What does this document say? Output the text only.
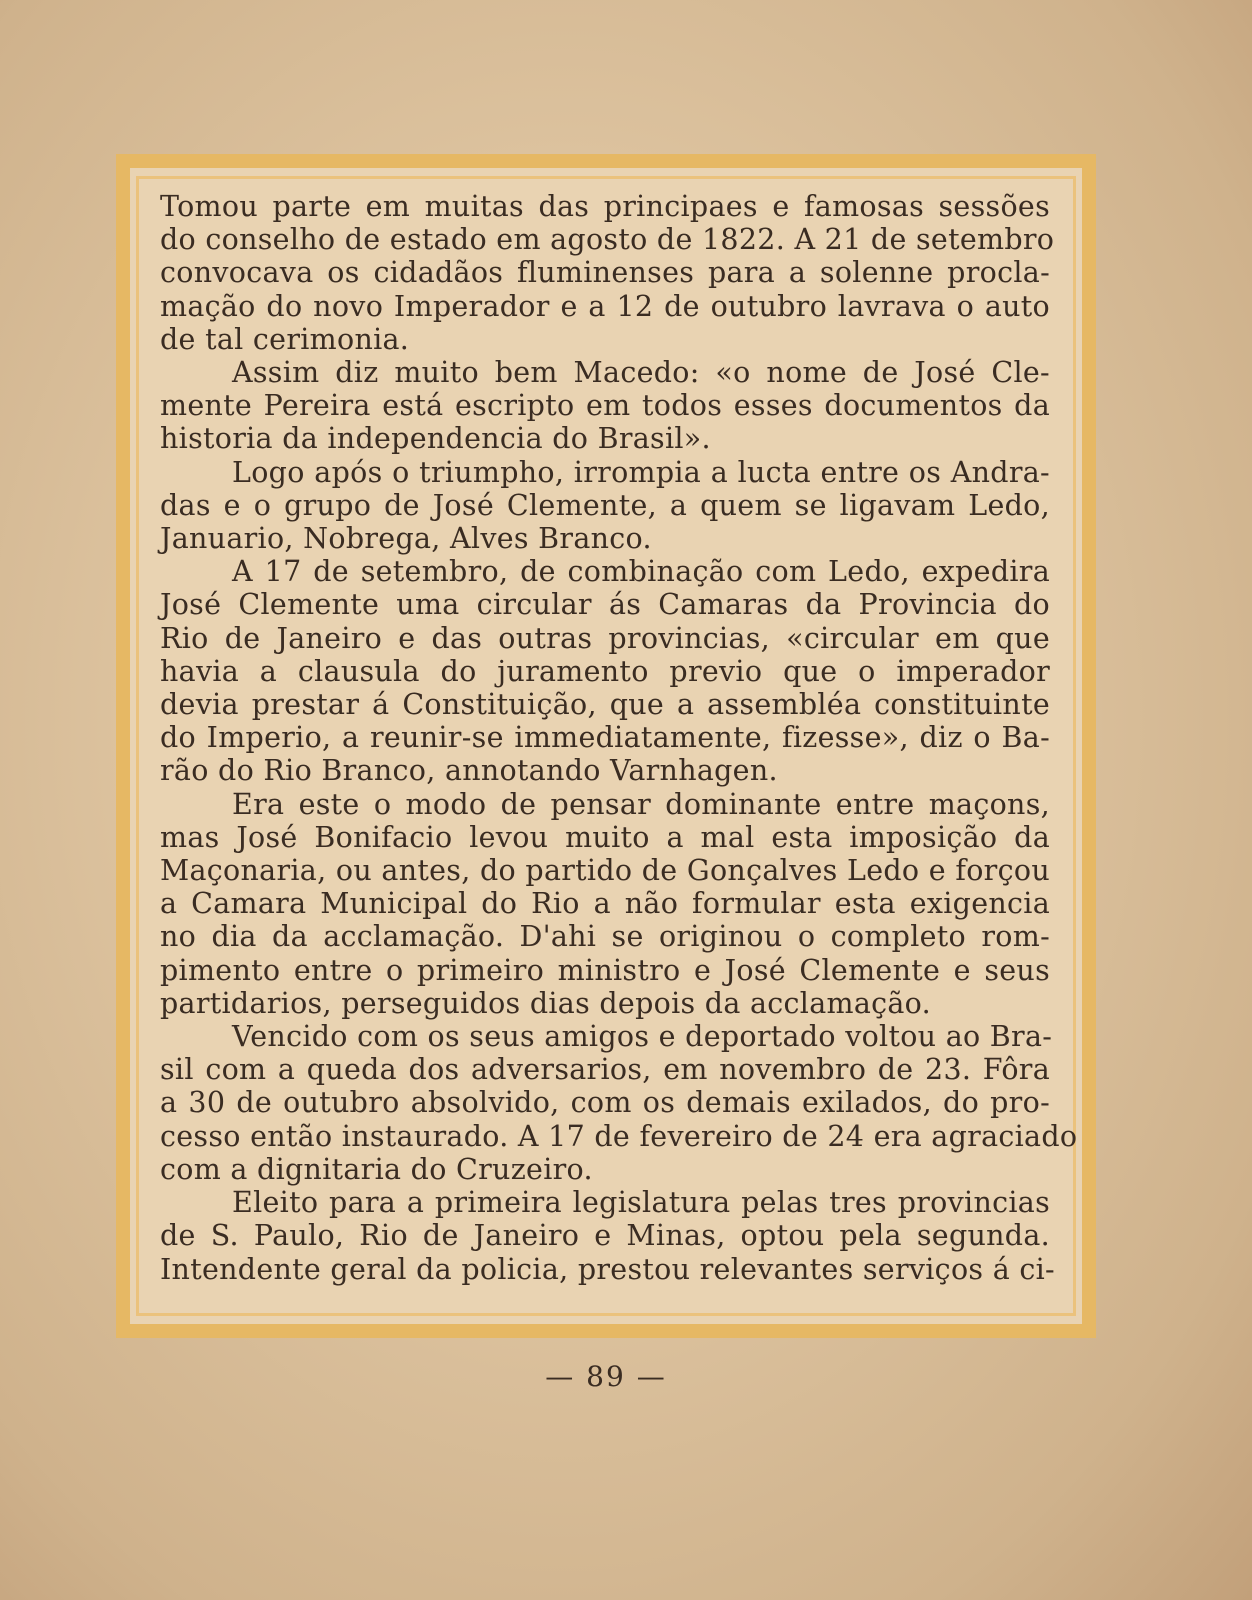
Tomou parte em muitas das principaes e famosas sessões
do conselho de estado em agosto de 1822. A 21 de setembro
convocava os cidadãos fluminenses para a solenne procla-
mação do novo Imperador e a 12 de outubro lavrava o auto
de tal cerimonia.
Assim diz muito bem Macedo: «o nome de José Cle-
mente Pereira está escripto em todos esses documentos da
historia da independencia do Brasil».
Logo após o triumpho, irrompia a lucta entre os Andra-
das e o grupo de José Clemente, a quem se ligavam Ledo,
Januario, Nobrega, Alves Branco.
A 17 de setembro, de combinação com Ledo, expedira
José Clemente uma circular ás Camaras da Provincia do
Rio de Janeiro e das outras provincias, «circular em que
havia a clausula do juramento previo que o imperador
devia prestar á Constituição, que a assembléa constituinte
do Imperio, a reunir-se immediatamente, fizesse», diz o Ba-
rão do Rio Branco, annotando Varnhagen.
Era este o modo de pensar dominante entre maçons,
mas José Bonifacio levou muito a mal esta imposição da
Maçonaria, ou antes, do partido de Gonçalves Ledo e forçou
a Camara Municipal do Rio a não formular esta exigencia
no dia da acclamação. D'ahi se originou o completo rom-
pimento entre o primeiro ministro e José Clemente e seus
partidarios, perseguidos dias depois da acclamação.
Vencido com os seus amigos e deportado voltou ao Bra-
sil com a queda dos adversarios, em novembro de 23. Fôra
a 30 de outubro absolvido, com os demais exilados, do pro-
cesso então instaurado. A 17 de fevereiro de 24 era agraciado
com a dignitaria do Cruzeiro.
Eleito para a primeira legislatura pelas tres provincias
de S. Paulo, Rio de Janeiro e Minas, optou pela segunda.
Intendente geral da policia, prestou relevantes serviços á ci-
— 89 —
